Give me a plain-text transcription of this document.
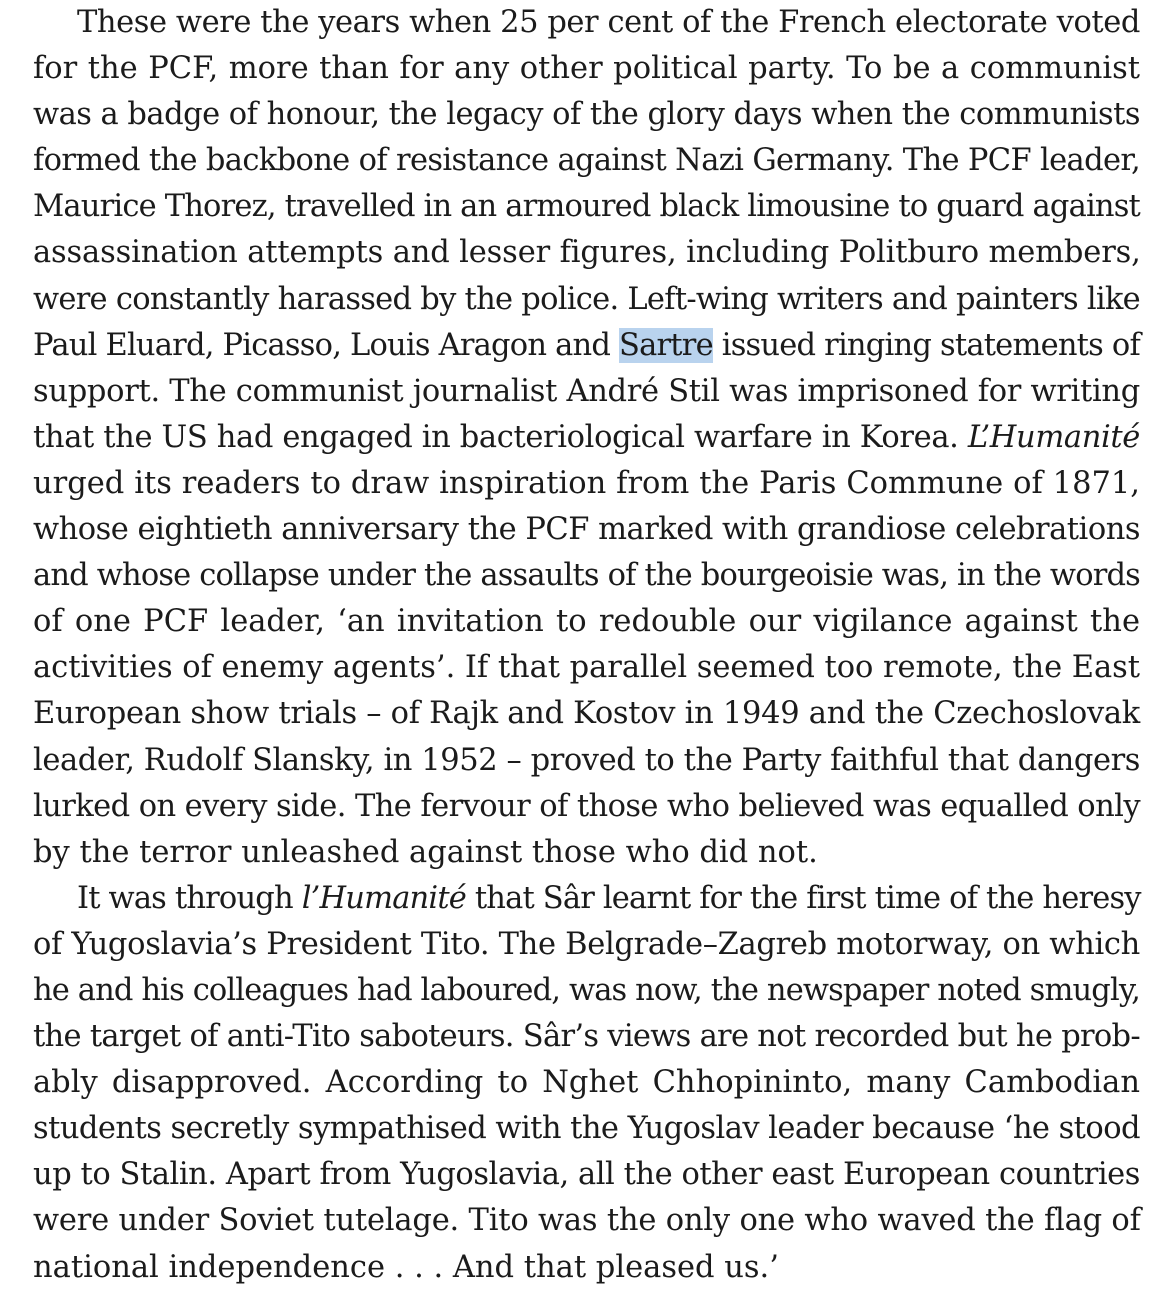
These were the years when 25 per cent of the French electorate voted
for the PCF, more than for any other political party. To be a communist
was a badge of honour, the legacy of the glory days when the communists
formed the backbone of resistance against Nazi Germany. The PCF leader,
Maurice Thorez, travelled in an armoured black limousine to guard against
assassination attempts and lesser figures, including Politburo members,
were constantly harassed by the police. Left-wing writers and painters like
Paul Eluard, Picasso, Louis Aragon and Sartre issued ringing statements of
support. The communist journalist André Stil was imprisoned for writing
that the US had engaged in bacteriological warfare in Korea. L’Humanité
urged its readers to draw inspiration from the Paris Commune of 1871,
whose eightieth anniversary the PCF marked with grandiose celebrations
and whose collapse under the assaults of the bourgeoisie was, in the words
of one PCF leader, ‘an invitation to redouble our vigilance against the
activities of enemy agents’. If that parallel seemed too remote, the East
European show trials – of Rajk and Kostov in 1949 and the Czechoslovak
leader, Rudolf Slansky, in 1952 – proved to the Party faithful that dangers
lurked on every side. The fervour of those who believed was equalled only
by the terror unleashed against those who did not.
It was through l’Humanité that Sâr learnt for the first time of the heresy
of Yugoslavia’s President Tito. The Belgrade–Zagreb motorway, on which
he and his colleagues had laboured, was now, the newspaper noted smugly,
the target of anti-Tito saboteurs. Sâr’s views are not recorded but he prob-
ably disapproved. According to Nghet Chhopininto, many Cambodian
students secretly sympathised with the Yugoslav leader because ‘he stood
up to Stalin. Apart from Yugoslavia, all the other east European countries
were under Soviet tutelage. Tito was the only one who waved the flag of
national independence . . . And that pleased us.’
